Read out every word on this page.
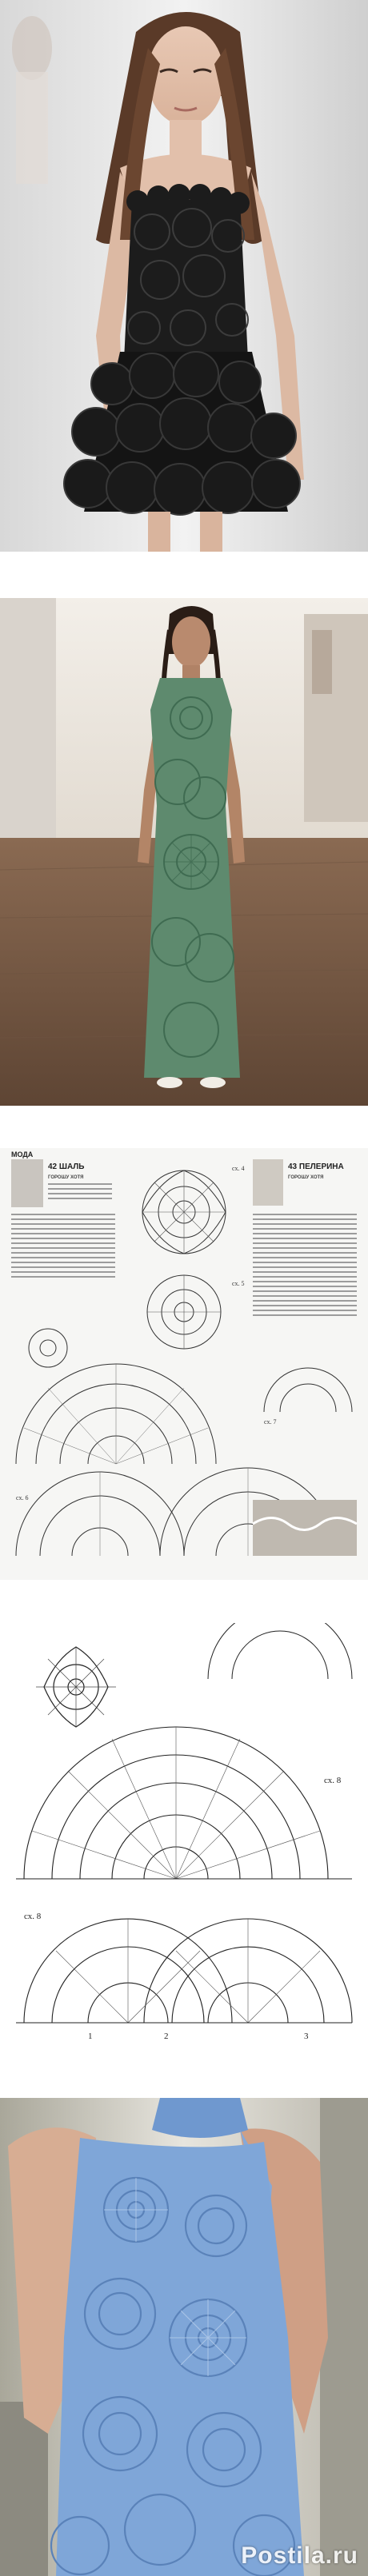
МОДА
42 ШАЛЬ
ГОРОШУ ХОТЯ
сх. 4
сх. 5
сх. 6
43 ПЕЛЕРИНА
ГОРОШУ ХОТЯ
сх. 7
сх. 8
сх. 8
1	2	3
Postila.ru
